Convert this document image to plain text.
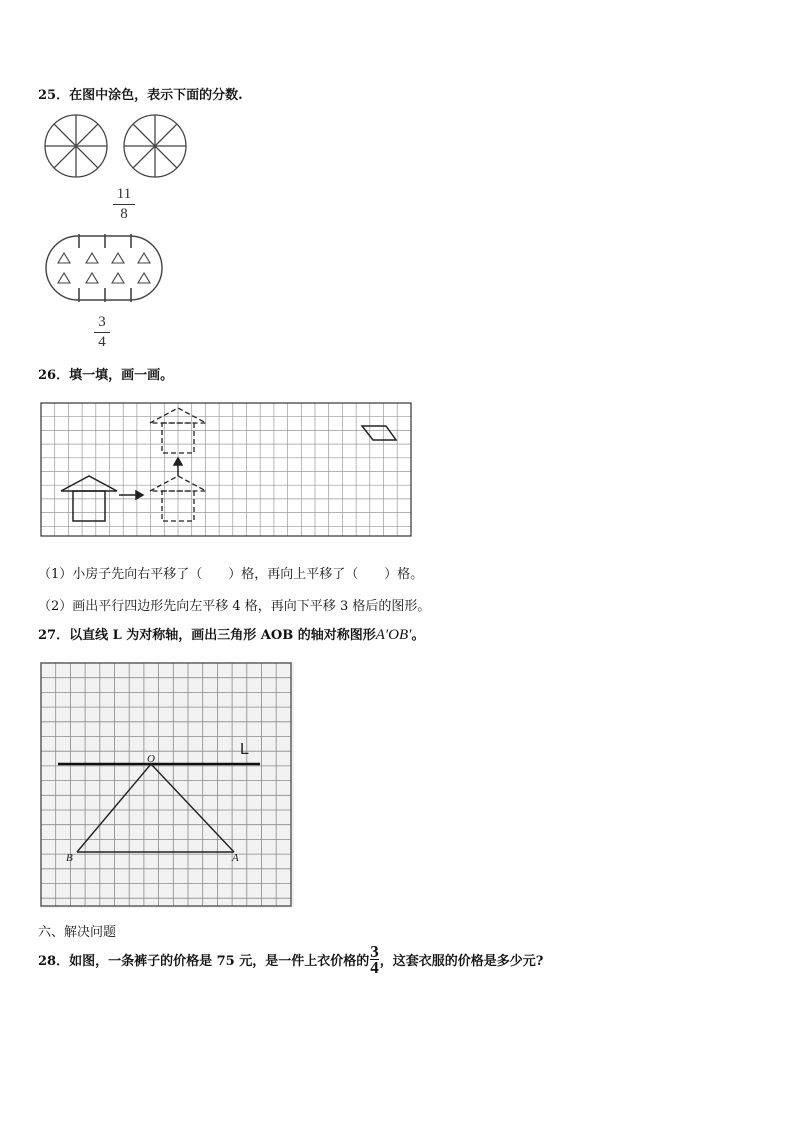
25．在图中涂色，表示下面的分数.
11
8
3
4
26．填一填，画一画。
（1）小房子先向右平移了（　　）格，再向上平移了（　　）格。
（2）画出平行四边形先向左平移 4 格，再向下平移 3 格后的图形。
27．以直线 L 为对称轴，画出三角形 AOB 的轴对称图形A′OB′。
L
O
B	A
六、解决问题
28．如图，一条裤子的价格是 75 元，是一件上衣价格的 $\frac{3}{4}$ ，这套衣服的价格是多少元?
